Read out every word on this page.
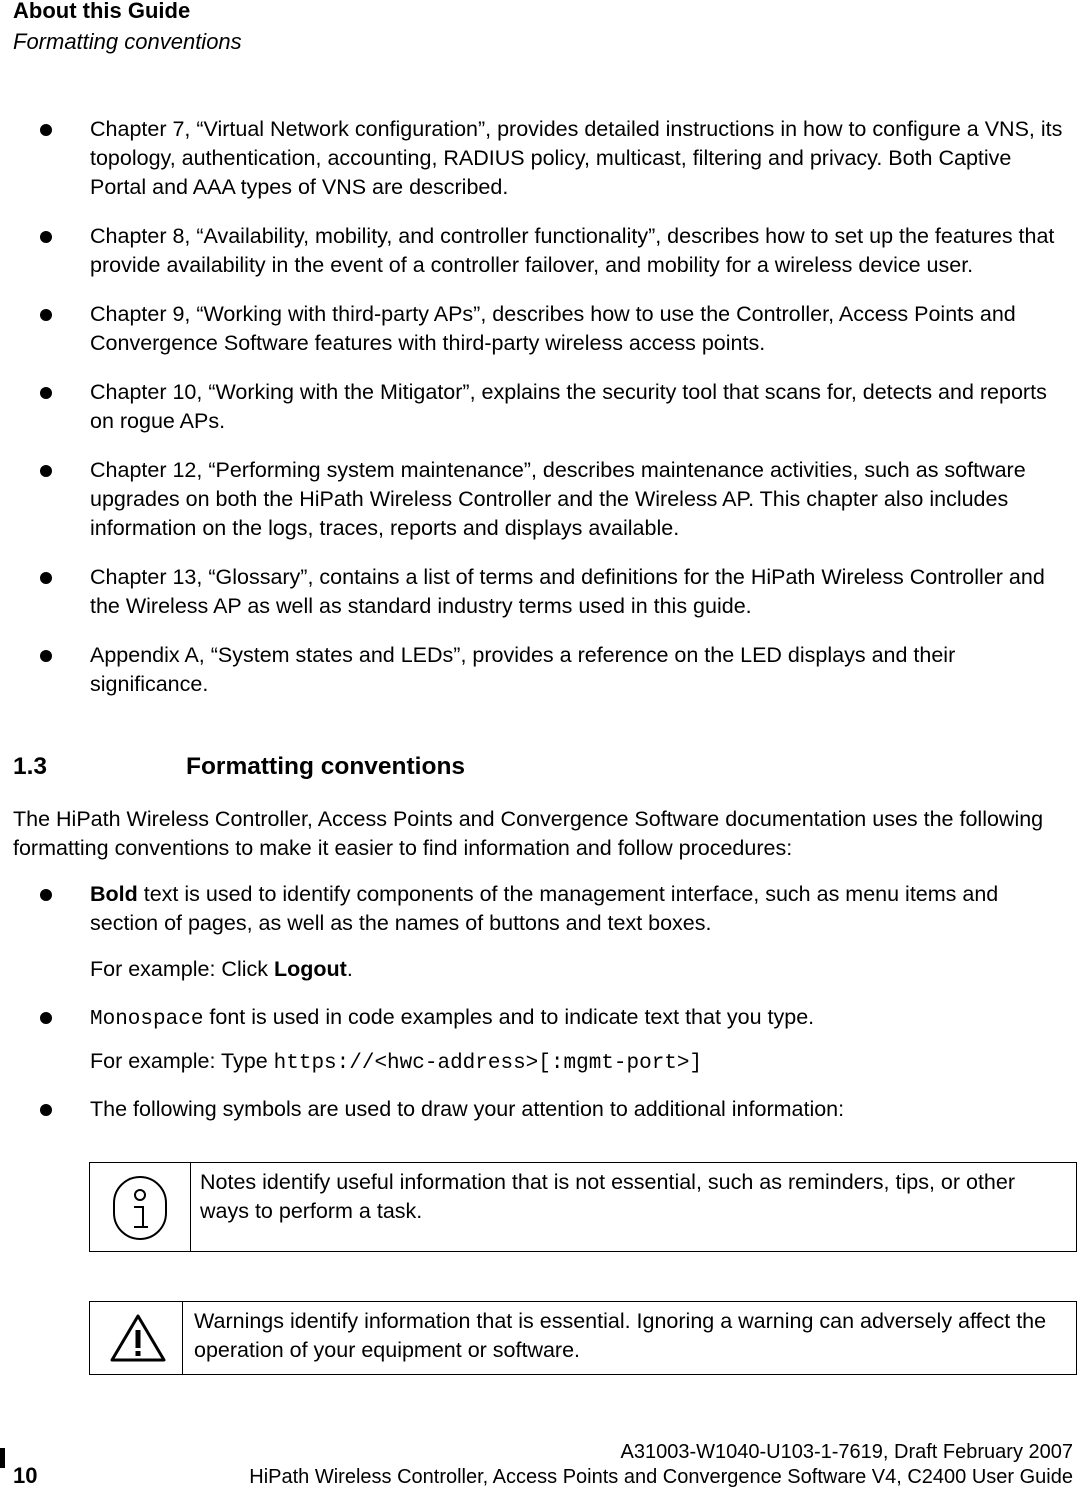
About this Guide
Formatting conventions
Chapter 7, “Virtual Network configuration”, provides detailed instructions in how to configure a VNS, its topology, authentication, accounting, RADIUS policy, multicast, filtering and privacy. Both Captive Portal and AAA types of VNS are described.
Chapter 8, “Availability, mobility, and controller functionality”, describes how to set up the features that provide availability in the event of a controller failover, and mobility for a wireless device user.
Chapter 9, “Working with third-party APs”, describes how to use the Controller, Access Points and Convergence Software features with third-party wireless access points.
Chapter 10, “Working with the Mitigator”, explains the security tool that scans for, detects and reports on rogue APs.
Chapter 12, “Performing system maintenance”, describes maintenance activities, such as software upgrades on both the HiPath Wireless Controller and the Wireless AP. This chapter also includes information on the logs, traces, reports and displays available.
Chapter 13, “Glossary”, contains a list of terms and definitions for the HiPath Wireless Controller and the Wireless AP as well as standard industry terms used in this guide.
Appendix A, “System states and LEDs”, provides a reference on the LED displays and their significance.
1.3	Formatting conventions
The HiPath Wireless Controller, Access Points and Convergence Software documentation uses the following formatting conventions to make it easier to find information and follow procedures:
Bold text is used to identify components of the management interface, such as menu items and section of pages, as well as the names of buttons and text boxes.
For example: Click Logout.
Monospace font is used in code examples and to indicate text that you type.
For example: Type https://<hwc-address>[:mgmt-port>]
The following symbols are used to draw your attention to additional information:
Notes identify useful information that is not essential, such as reminders, tips, or other ways to perform a task.
Warnings identify information that is essential. Ignoring a warning can adversely affect the operation of your equipment or software.
10
A31003-W1040-U103-1-7619, Draft February 2007
HiPath Wireless Controller, Access Points and Convergence Software V4, C2400 User Guide
